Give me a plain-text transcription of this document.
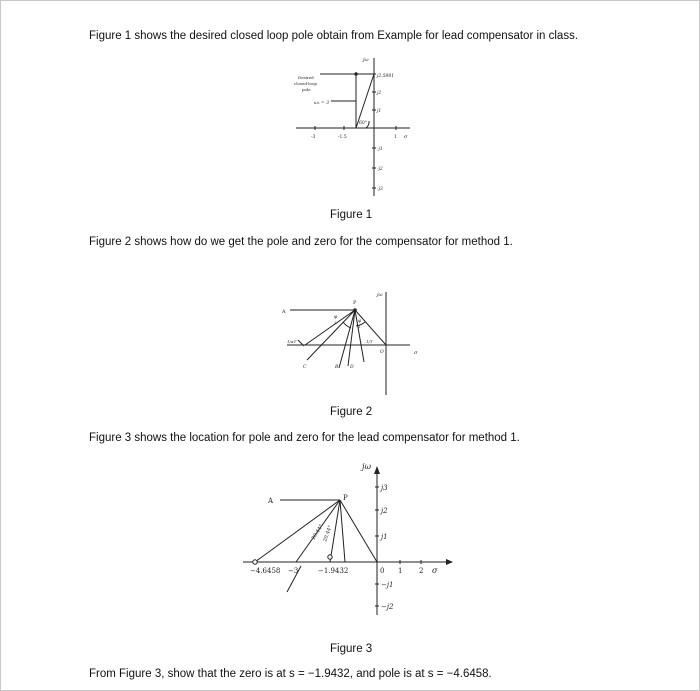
Figure 1 shows the desired closed loop pole obtain from Example for lead compensator in class.
Figure 1
Figure 2 shows how do we get the pole and zero for the compensator for method 1.
Figure 2
Figure 3 shows the location for pole and zero for the lead compensator for method 1.
Figure 3
From Figure 3, show that the zero is at s = −1.9432, and pole is at s = −4.6458.
jω
Desired
closed-loop
pole
ωₙ = 3
j2.5981
j2
j1
60°
-3	-1.5	1 σ
-j1
-j2
-j3
jω
A
P
φ
2	φ
2
1/αT	1/T
C	B	D
O	σ
jω
A	P
20.44°
20.44°
j3
j2
j1
−4.6458 −3	−1.9432	0 1 2 σ
−j1
−j2
